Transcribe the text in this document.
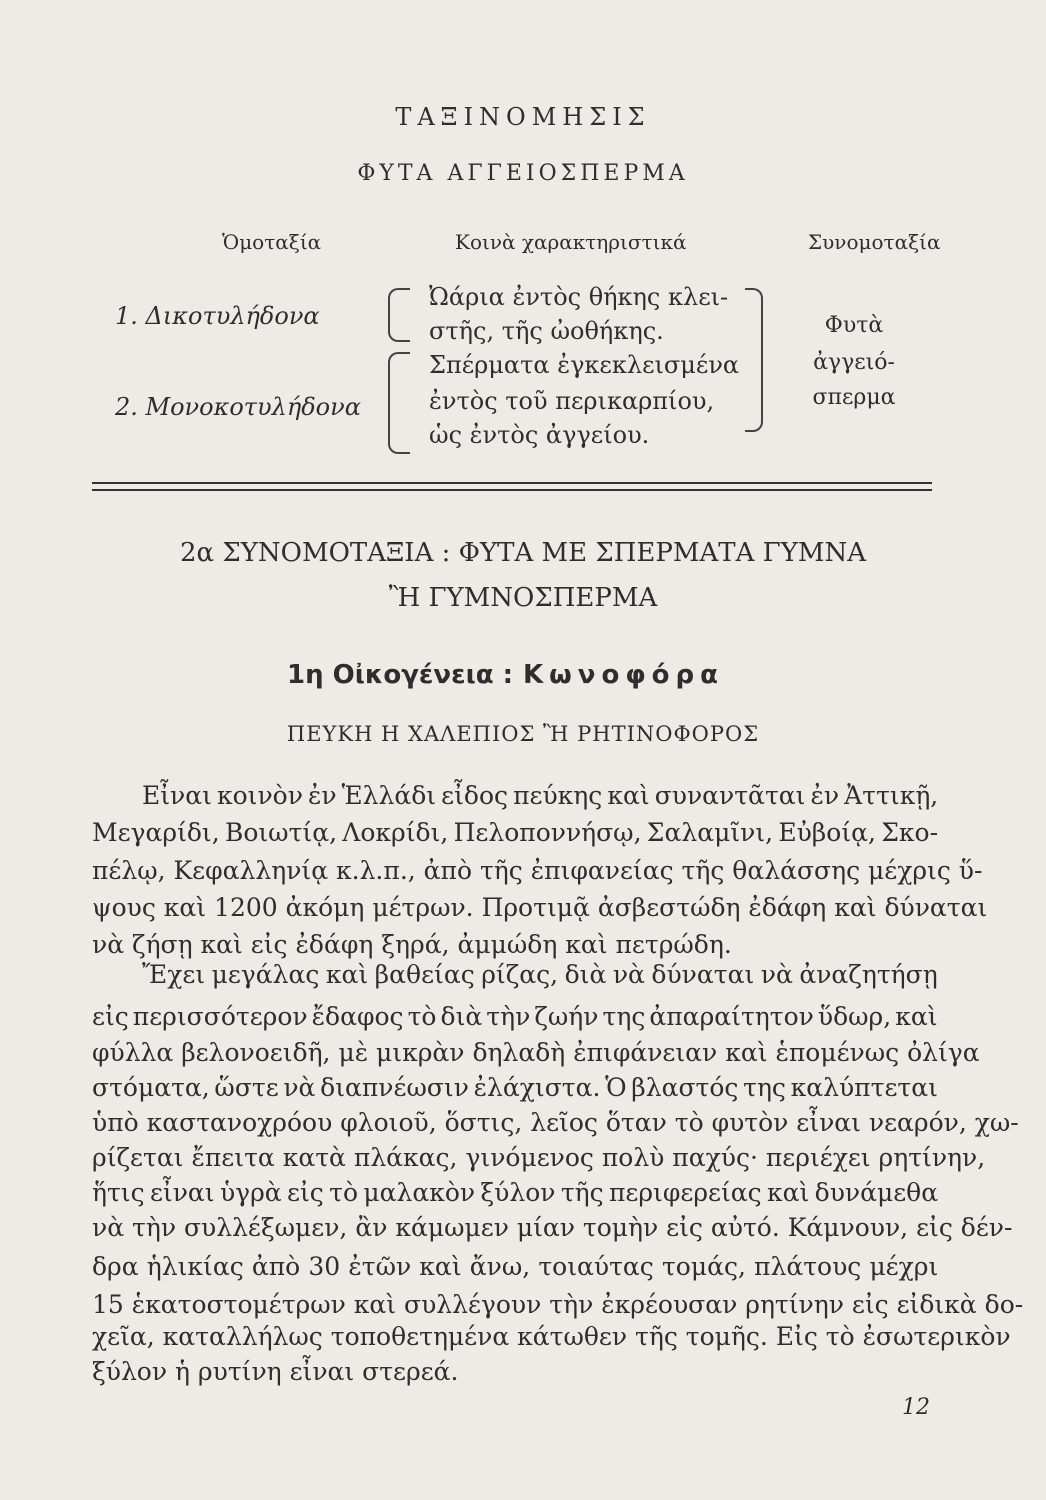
ΤΑΞΙΝΟΜΗΣΙΣ
ΦΥΤΑ ΑΓΓΕΙΟΣΠΕΡΜΑ
Ὁμοταξία	Κοινὰ χαρακτηριστικά	Συνομοταξία
1. Δικοτυλήδονα
2. Μονοκοτυλήδονα
Ὠάρια ἐντὸς θήκης κλει-
στῆς, τῆς ὠοθήκης.
Σπέρματα ἐγκεκλεισμένα
ἐντὸς τοῦ περικαρπίου,
ὡς ἐντὸς ἀγγείου.
Φυτὰ
ἀγγειό-
σπερμα
2α ΣΥΝΟΜΟΤΑΞΙΑ : ΦΥΤΑ ΜΕ ΣΠΕΡΜΑΤΑ ΓΥΜΝΑ
Ἢ ΓΥΜΝΟΣΠΕΡΜΑ
1η Οἰκογένεια : Κωνοφόρα
ΠΕΥΚΗ Η ΧΑΛΕΠΙΟΣ Ἢ ΡΗΤΙΝΟΦΟΡΟΣ
Εἶναι κοινὸν ἐν Ἑλλάδι εἶδος πεύκης καὶ συναντᾶται ἐν Ἀττικῇ,
Μεγαρίδι, Βοιωτίᾳ, Λοκρίδι, Πελοποννήσῳ, Σαλαμῖνι, Εὐβοίᾳ, Σκο-
πέλῳ, Κεφαλληνίᾳ κ.λ.π., ἀπὸ τῆς ἐπιφανείας τῆς θαλάσσης μέχρις ὕ-
ψους καὶ 1200 ἀκόμη μέτρων. Προτιμᾷ ἀσβεστώδη ἐδάφη καὶ δύναται
νὰ ζήσῃ καὶ εἰς ἐδάφη ξηρά, ἀμμώδη καὶ πετρώδη.
Ἔχει μεγάλας καὶ βαθείας ρίζας, διὰ νὰ δύναται νὰ ἀναζητήσῃ
εἰς περισσότερον ἔδαφος τὸ διὰ τὴν ζωήν της ἀπαραίτητον ὕδωρ, καὶ
φύλλα βελονοειδῆ, μὲ μικρὰν δηλαδὴ ἐπιφάνειαν καὶ ἑπομένως ὀλίγα
στόματα, ὥστε νὰ διαπνέωσιν ἐλάχιστα. Ὁ βλαστός της καλύπτεται
ὑπὸ καστανοχρόου φλοιοῦ, ὅστις, λεῖος ὅταν τὸ φυτὸν εἶναι νεαρόν, χω-
ρίζεται ἔπειτα κατὰ πλάκας, γινόμενος πολὺ παχύς· περιέχει ρητίνην,
ἥτις εἶναι ὑγρὰ εἰς τὸ μαλακὸν ξύλον τῆς περιφερείας καὶ δυνάμεθα
νὰ τὴν συλλέξωμεν, ἂν κάμωμεν μίαν τομὴν εἰς αὐτό. Κάμνουν, εἰς δέν-
δρα ἡλικίας ἀπὸ 30 ἐτῶν καὶ ἄνω, τοιαύτας τομάς, πλάτους μέχρι
15 ἑκατοστομέτρων καὶ συλλέγουν τὴν ἐκρέουσαν ρητίνην εἰς εἰδικὰ δο-
χεῖα, καταλλήλως τοποθετημένα κάτωθεν τῆς τομῆς. Εἰς τὸ ἐσωτερικὸν
ξύλον ἡ ρυτίνη εἶναι στερεά.
12
